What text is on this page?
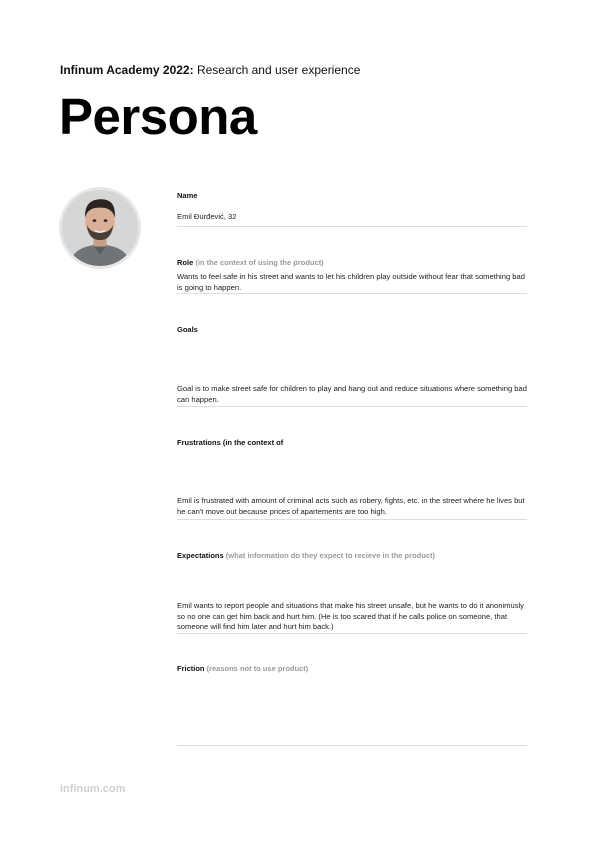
Infinum Academy 2022: Research and user experience
Persona
Name
Emil Đurđević, 32
Role (in the context of using the product)
Wants to feel safe in his street and wants to let his children play outside without fear that something bad is going to happen.
Goals
Goal is to make street safe for children to play and hang out and reduce situations where something bad can happen.
Frustrations (in the context of
Emil is frustrated with amount of criminal acts such as robery, fights, etc. in the street where he lives but he can't move out because prices of apartements are too high.
Expectations (what information do they expect to recieve in the product)
Emil wants to report people and situations that make his street unsafe, but he wants to do it anonimusly so no one can get him back and hurt him. (He is too scared that if he calls police on someone, that someone will find him later and hurt him back.)
Friction (reasons not to use product)
infinum.com
